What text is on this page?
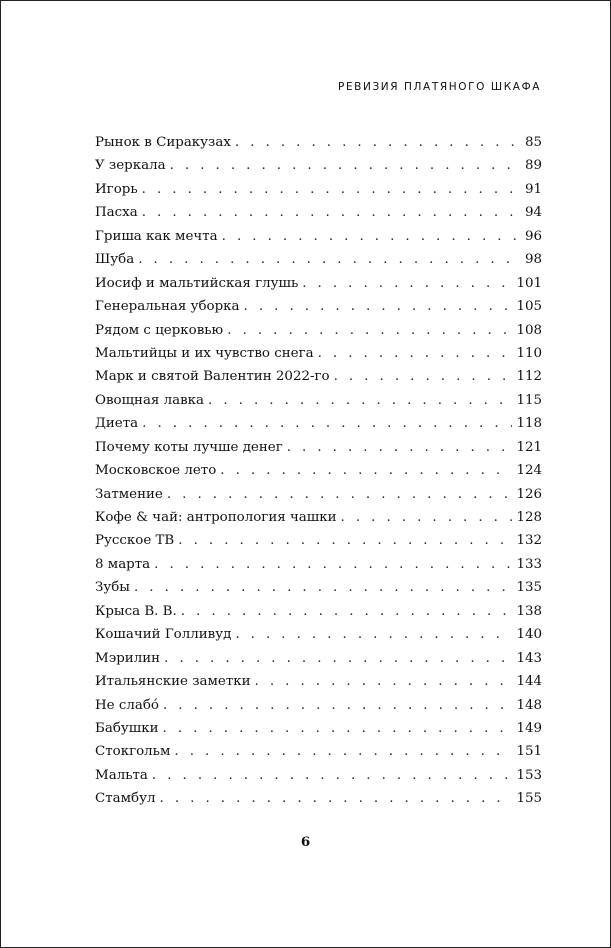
РЕВИЗИЯ ПЛАТЯНОГО ШКАФА
Рынок в Сиракузах . . .	85
У зеркала . . .	89
Игорь . . .	91
Пасха . . .	94
Гриша как мечта . . .	96
Шуба . . .	98
Иосиф и мальтийская глушь . . .	101
Генеральная уборка . . .	105
Рядом с церковью . . .	108
Мальтийцы и их чувство снега . . .	110
Марк и святой Валентин 2022-го . . .	112
Овощная лавка . . .	115
Диета . . .	118
Почему коты лучше денег . . .	121
Московское лето . . .	124
Затмение . . .	126
Кофе & чай: антропология чашки . . .	128
Русское ТВ . . .	132
8 марта . . .	133
Зубы . . .	135
Крыса В. В. . . .	138
Кошачий Голливуд . . .	140
Мэрилин . . .	143
Итальянские заметки . . .	144
Не слабо́ . . .	148
Бабушки . . .	149
Стокгольм . . .	151
Мальта . . .	153
Стамбул . . .	155
6
